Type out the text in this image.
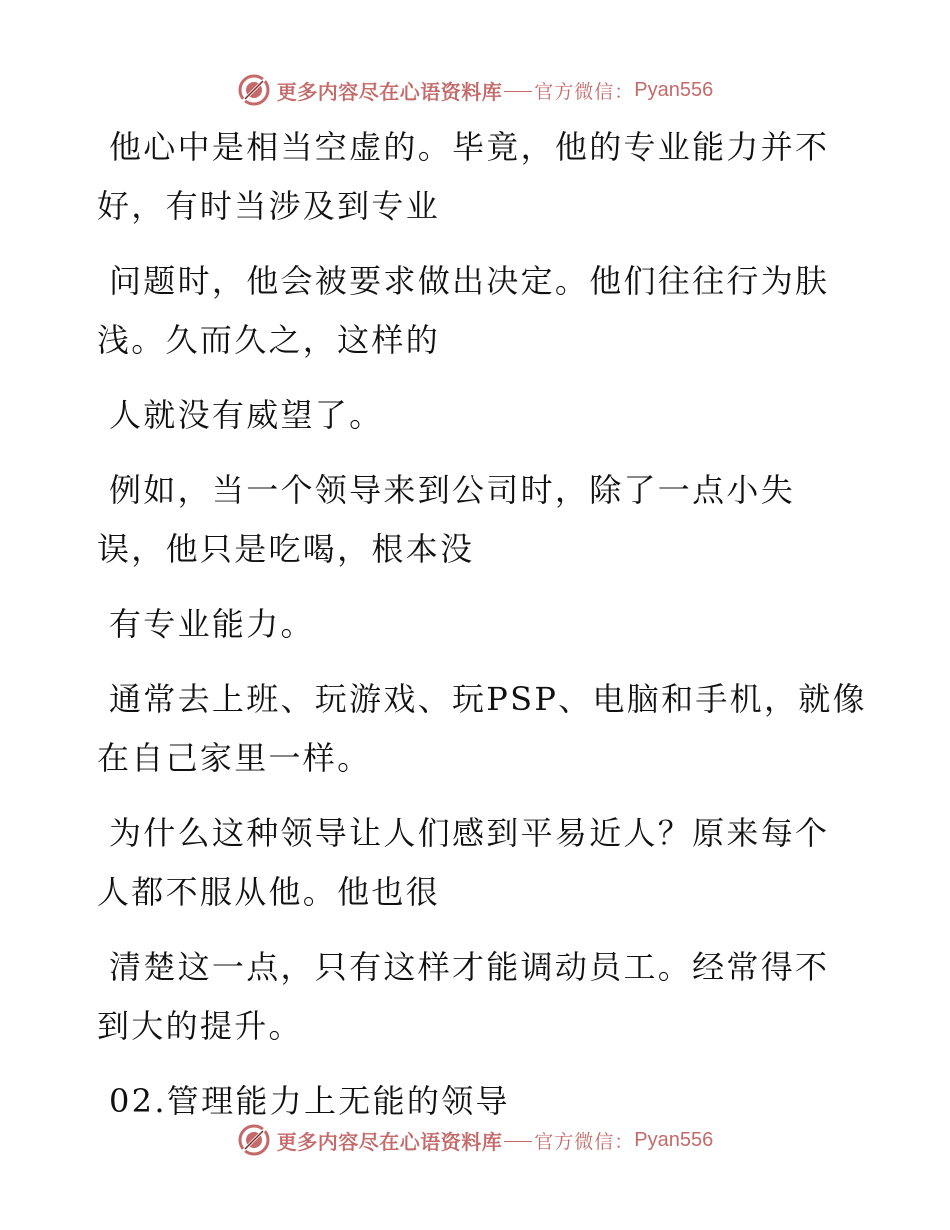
更多内容尽在心语资料库 官方微信： Pyan556

他心中是相当空虚的。毕竟，他的专业能力并不
好，有时当涉及到专业

问题时，他会被要求做出决定。他们往往行为肤
浅。久而久之，这样的

人就没有威望了。

例如，当一个领导来到公司时，除了一点小失
误，他只是吃喝，根本没

有专业能力。

通常去上班、玩游戏、玩PSP、电脑和手机，就像
在自己家里一样。

为什么这种领导让人们感到平易近人？原来每个
人都不服从他。他也很

清楚这一点，只有这样才能调动员工。经常得不
到大的提升。

02.管理能力上无能的领导

更多内容尽在心语资料库 官方微信： Pyan556
